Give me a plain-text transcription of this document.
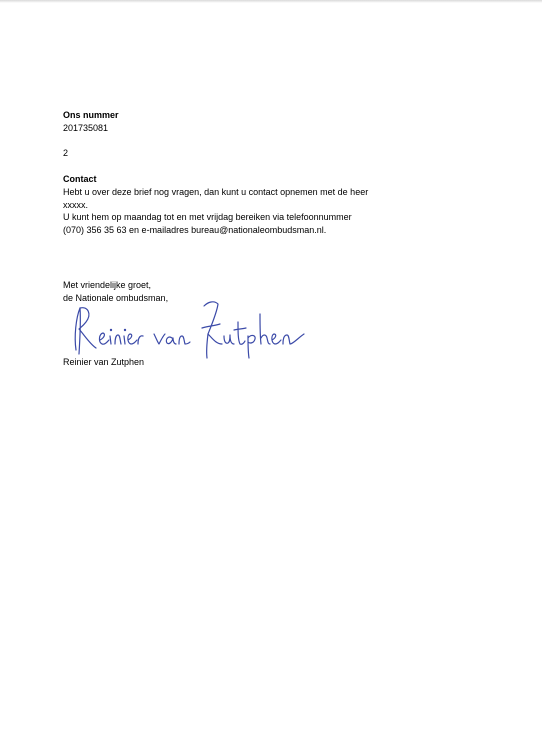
Ons nummer
201735081
2
Contact
Hebt u over deze brief nog vragen, dan kunt u contact opnemen met de heer
xxxxx.
U kunt hem op maandag tot en met vrijdag bereiken via telefoonnummer
(070) 356 35 63 en e-mailadres bureau@nationaleombudsman.nl.
Met vriendelijke groet,
de Nationale ombudsman,
Reinier van Zutphen
